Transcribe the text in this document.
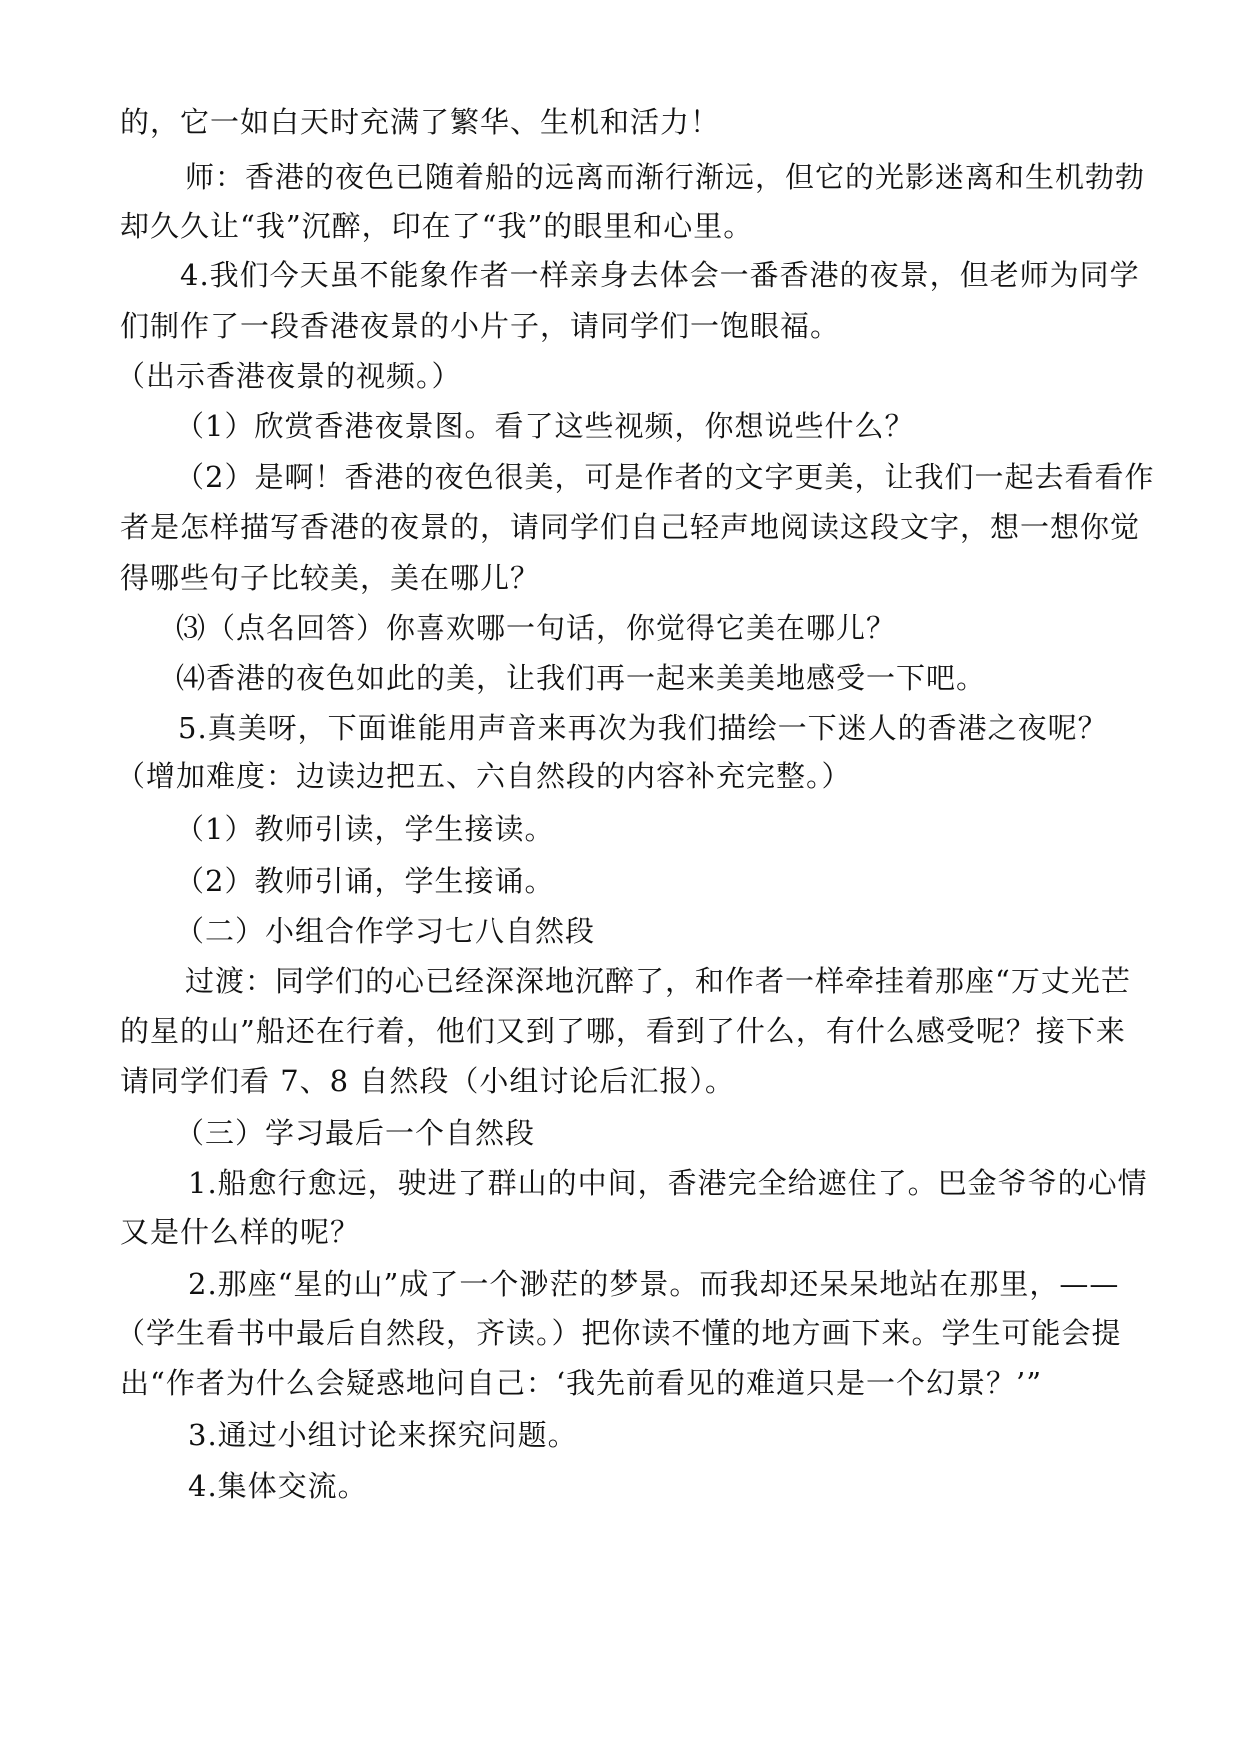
的，它一如白天时充满了繁华、生机和活力！
师：香港的夜色已随着船的远离而渐行渐远，但它的光影迷离和生机勃勃
却久久让“我”沉醉，印在了“我”的眼里和心里。
4.我们今天虽不能象作者一样亲身去体会一番香港的夜景，但老师为同学
们制作了一段香港夜景的小片子，请同学们一饱眼福。
（出示香港夜景的视频。）
（1）欣赏香港夜景图。看了这些视频，你想说些什么？
（2）是啊！香港的夜色很美，可是作者的文字更美，让我们一起去看看作
者是怎样描写香港的夜景的，请同学们自己轻声地阅读这段文字，想一想你觉
得哪些句子比较美，美在哪儿？
⑶（点名回答）你喜欢哪一句话，你觉得它美在哪儿？
⑷香港的夜色如此的美，让我们再一起来美美地感受一下吧。
5.真美呀，下面谁能用声音来再次为我们描绘一下迷人的香港之夜呢？
（增加难度：边读边把五、六自然段的内容补充完整。）
（1）教师引读，学生接读。
（2）教师引诵，学生接诵。
（二）小组合作学习七八自然段
过渡：同学们的心已经深深地沉醉了，和作者一样牵挂着那座“万丈光芒
的星的山”船还在行着，他们又到了哪，看到了什么，有什么感受呢？接下来
请同学们看 7、8 自然段（小组讨论后汇报）。
（三）学习最后一个自然段
1.船愈行愈远，驶进了群山的中间，香港完全给遮住了。巴金爷爷的心情
又是什么样的呢？
2.那座“星的山”成了一个渺茫的梦景。而我却还呆呆地站在那里，——
（学生看书中最后自然段，齐读。）把你读不懂的地方画下来。学生可能会提
出“作者为什么会疑惑地问自己：‘我先前看见的难道只是一个幻景？’”
3.通过小组讨论来探究问题。
4.集体交流。
